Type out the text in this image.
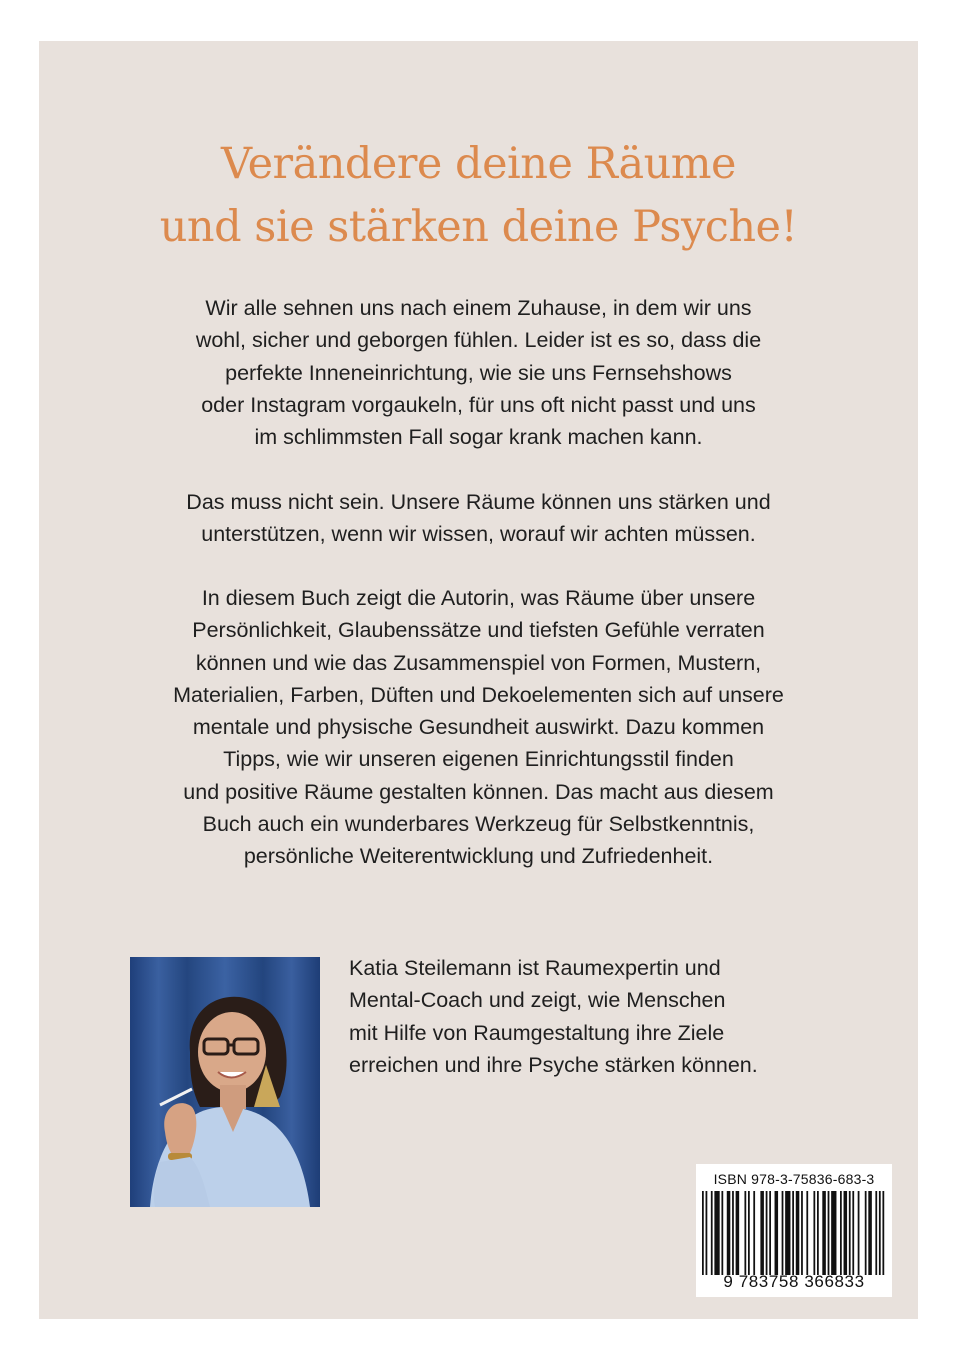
Verändere deine Räume
und sie stärken deine Psyche!
Wir alle sehnen uns nach einem Zuhause, in dem wir uns
wohl, sicher und geborgen fühlen. Leider ist es so, dass die
perfekte Inneneinrichtung, wie sie uns Fernsehshows
oder Instagram vorgaukeln, für uns oft nicht passt und uns
im schlimmsten Fall sogar krank machen kann.
Das muss nicht sein. Unsere Räume können uns stärken und
unterstützen, wenn wir wissen, worauf wir achten müssen.
In diesem Buch zeigt die Autorin, was Räume über unsere
Persönlichkeit, Glaubenssätze und tiefsten Gefühle verraten
können und wie das Zusammenspiel von Formen, Mustern,
Materialien, Farben, Düften und Dekoelementen sich auf unsere
mentale und physische Gesundheit auswirkt. Dazu kommen
Tipps, wie wir unseren eigenen Einrichtungsstil finden
und positive Räume gestalten können. Das macht aus diesem
Buch auch ein wunderbares Werkzeug für Selbstkenntnis,
persönliche Weiterentwicklung und Zufriedenheit.
Katia Steilemann ist Raumexpertin und
Mental-Coach und zeigt, wie Menschen
mit Hilfe von Raumgestaltung ihre Ziele
erreichen und ihre Psyche stärken können.
ISBN 978-3-75836-683-3
9 783758 366833
